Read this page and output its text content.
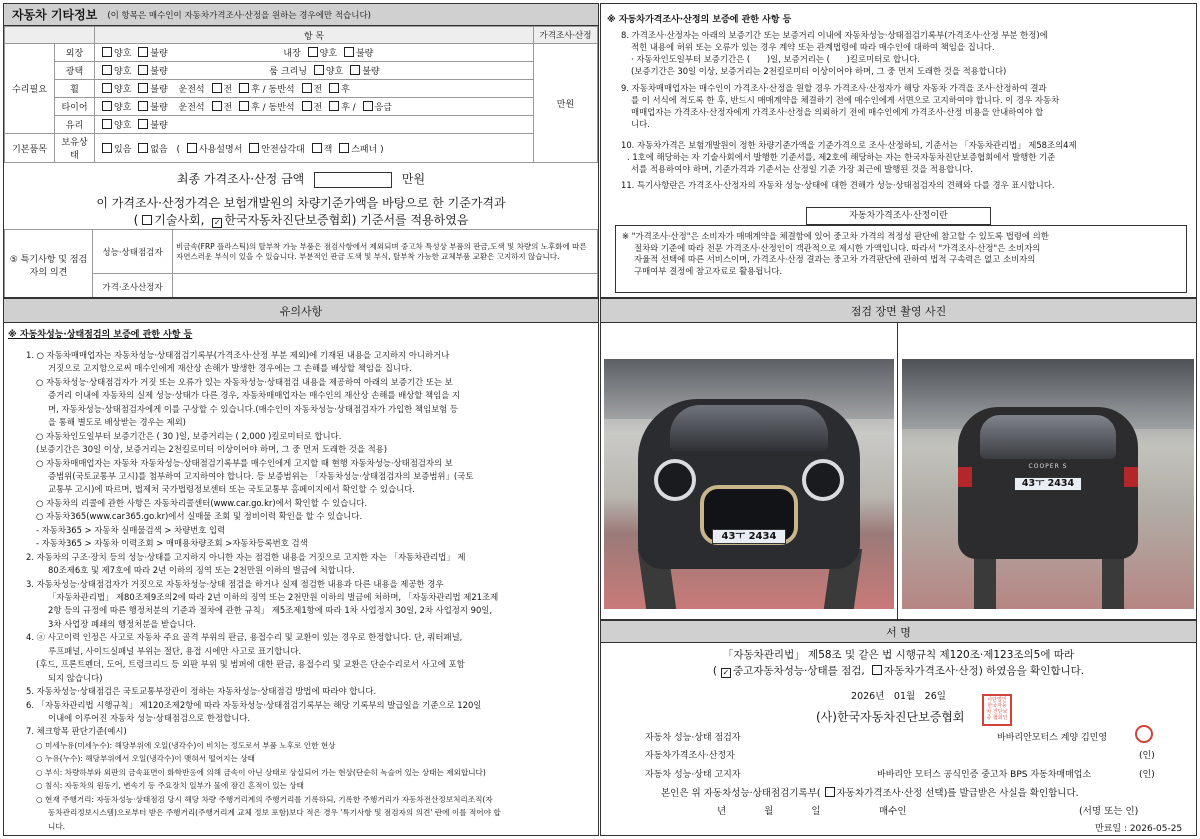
자동차 기타정보 (이 항목은 매수인이 자동차가격조사·산정을 원하는 경우에만 적습니다)
		항 목	가격조사·산정
수리필요	외장	양호 불량 내장 양호 불량	만원
	광택	양호 불량 룸 크리닝 양호 불량	
	휠	양호 불량 운전석 전 후 / 동반석 전 후	
	타이어	양호 불량 운전석 전 후 / 동반석 전 후 / 응급	
	유리	양호 불량	
기본품목	보유상태	있음 없음 ( 사용설명서 안전삼각대 잭 스패너 )	
최종 가격조사·산정 금액	만원
이 가격조사·산정가격은 보험개발원의 차량기준가액을 바탕으로 한 기준가격과
( 기술사회, ✓ 한국자동차진단보증협회) 기준서를 적용하였음
⑤ 특기사항 및 점검자의 의견	성능·상태점검자	비금속(FRP 플라스틱)의 탈부착 가능 부품은 점검사항에서 제외되며 중고차 특성상 부품의 판금,도색 및 차량의 노후화에 따른 자연스러운 부식이 있을 수 있습니다. 부분적인 판금 도색 및 부식, 탈부착 가능한 교체부품 교환은 고지하지 않습니다.
	가격·조사산정자	
※ 자동차가격조사·산정의 보증에 관한 사항 등
8. 가격조사·산정자는 아래의 보증기간 또는 보증거리 이내에 자동차성능·상태점검기록부(가격조사·산정 부분 한정)에
적힌 내용에 허위 또는 오류가 있는 경우 계약 또는 관계법령에 따라 매수인에 대하여 책임을 집니다.
· 자동차인도일부터 보증기간은 (　　)일, 보증거리는 (　　)킬로미터로 합니다.
(보증기간은 30일 이상, 보증거리는 2천킬로미터 이상이어야 하며, 그 중 먼저 도래한 것을 적용합니다)
9. 자동차매매업자는 매수인이 가격조사·산정을 원할 경우 가격조사·산정자가 해당 자동차 가격을 조사·산정하여 결과
를 이 서식에 적도록 한 후, 반드시 매매계약을 체결하기 전에 매수인에게 서면으로 고지하여야 합니다. 이 경우 자동차
매매업자는 가격조사·산정자에게 가격조사·산정을 의뢰하기 전에 매수인에게 가격조사·산정 비용을 안내하여야 합
니다.
10. 자동차가격은 보험개발원이 정한 차량기준가액을 기준가격으로 조사·산정하되, 기준서는 「자동차관리법」 제58조의4제
. 1호에 해당하는 자 기술사회에서 발행한 기준서를, 제2호에 해당하는 자는 한국자동차진단보증협회에서 발행한 기준
서를 적용하여야 하며, 기준가격과 기준서는 산정일 기준 가장 최근에 발행된 것을 적용합니다.
11. 특기사항란은 가격조사·산정자의 자동차 성능·상태에 대한 견해가 성능·상태점검자의 견해와 다를 경우 표시합니다.
자동차가격조사·산정이란
※ "가격조사·산정"은 소비자가 매매계약을 체결함에 있어 중고차 가격의 적정성 판단에 참고할 수 있도록 법령에 의한
절차와 기준에 따라 전문 가격조사·산정인이 객관적으로 제시한 가액입니다. 따라서 "가격조사·산정"은 소비자의
자율적 선택에 따른 서비스이며, 가격조사·산정 결과는 중고차 가격판단에 관하여 법적 구속력은 없고 소비자의
구매여부 결정에 참고자료로 활용됩니다.
유의사항
※ 자동차성능·상태점검의 보증에 관한 사항 등
1. ○ 자동차매매업자는 자동차성능·상태점검기록부(가격조사·산정 부분 제외)에 기재된 내용을 고지하지 아니하거나
거짓으로 고지함으로써 매수인에게 재산상 손해가 발생한 경우에는 그 손해를 배상할 책임을 집니다.
○ 자동차성능·상태점검자가 거짓 또는 오류가 있는 자동차성능·상태점검 내용을 제공하여 아래의 보증기간 또는 보
증거리 이내에 자동차의 실제 성능·상태가 다른 경우, 자동차매매업자는 매수인의 재산상 손해를 배상할 책임을 지
며, 자동차성능·상태점검자에게 이를 구상할 수 있습니다.(매수인이 자동차성능·상태점검자가 가입한 책임보험 등
을 통해 별도로 배상받는 경우는 제외)
○ 자동차인도일부터 보증기간은 ( 30 )일, 보증거리는 ( 2,000 )킬로미터로 합니다.
(보증기간은 30일 이상, 보증거리는 2천킬로미터 이상이어야 하며, 그 중 먼저 도래한 것을 적용)
○ 자동차매매업자는 자동차 자동차성능·상태점검기록부를 매수인에게 고지할 때 현행 자동차성능·상태점검자의 보
증범위(국토교통부 고시)를 첨부하여 고지하여야 합니다. 등 보증범위는 「자동차성능·상태점검자의 보증범위」(국토
교통부 고시)에 따르며, 법제처 국가법령정보센터 또는 국토교통부 홈페이지에서 확인할 수 있습니다.
○ 자동차의 리콜에 관한 사항은 자동차리콜센터(www.car.go.kr)에서 확인할 수 있습니다.
○ 자동차365(www.car365.go.kr)에서 실매물 조회 및 정비이력 확인을 할 수 있습니다.
- 자동차365 > 자동차 실매물검색 > 차량번호 입력
- 자동차365 > 자동차 이력조회 > 매매용차량조회 >자동차등록번호 검색
2. 자동차의 구조·장치 등의 성능·상태를 고지하지 아니한 자는 점검한 내용을 거짓으로 고지한 자는 「자동차관리법」 제
80조제6호 및 제7호에 따라 2년 이하의 징역 또는 2천만원 이하의 벌금에 처합니다.
3. 자동차성능·상태점검자가 거짓으로 자동차성능·상태 점검을 하거나 실제 점검한 내용과 다른 내용을 제공한 경우
「자동차관리법」 제80조제9조의2에 따라 2년 이하의 징역 또는 2천만원 이하의 벌금에 처하며, 「자동차관리법 제21조제
2항 등의 규정에 따른 행정처분의 기준과 절차에 관한 규칙」 제5조제1항에 따라 1차 사업정지 30일, 2차 사업정지 90일,
3차 사업장 폐쇄의 행정처분을 받습니다.
4. ⓐ 사고이력 인정은 사고로 자동차 주요 골격 부위의 판금, 용접수리 및 교환이 있는 경우로 한정합니다. 단, 쿼터패널,
루프패널, 사이드실패널 부위는 절단, 용접 시에만 사고로 표기합니다.
(후드, 프론트펜더, 도어, 트렁크리드 등 외판 부위 및 범퍼에 대한 판금, 용접수리 및 교환은 단순수리로서 사고에 포함
되지 않습니다)
5. 자동차성능·상태점검은 국토교통부장관이 정하는 자동차성능·상태점검 방법에 따라야 합니다.
6. 「자동차관리법 시행규칙」 제120조제2항에 따라 자동차성능·상태점검기록부는 해당 기록부의 발급일을 기준으로 120일
이내에 이루어진 자동차 성능·상태점검으로 한정합니다.
7. 체크항목 판단기준(예시)
○ 미세누유(미세누수): 해당부위에 오일(냉각수)이 비치는 정도로서 부품 노후로 인한 현상
○ 누유(누수): 해당부위에서 오일(냉각수)이 맺혀서 떨어지는 상태
○ 부식: 차량하부와 외판의 금속표면이 화학반응에 의해 금속이 아닌 상태로 상실되어 가는 현상(단순히 녹슬어 있는 상태는 제외합니다)
○ 침식: 자동차의 원동기, 변속기 등 주요장치 일부가 물에 잠긴 흔적이 있는 상태
○ 현재 주행거리: 자동차성능·상태점검 당시 해당 차량 주행거리계의 주행거리를 기록하되, 기록한 주행거리가 자동차전산정보처리조직(자
동차관리정보시스템)으로부터 받은 주행거리(주행거리계 교체 정보 포함)보다 적은 경우 '특기사항 및 점검자의 의견' 란에 이를 적어야 합
니다.
점검 장면 촬영 사진
43ㅜ 2434
COOPER S
43ㅜ 2434
서 명
「자동차관리법」 제58조 및 같은 법 시행규칙 제120조·제123조의5에 따라
( ✓ 중고자동차성능·상태를 점검, 자동차가격조사·산정) 하였음을 확인합니다.
2026년　01월　26일
(사)한국자동차진단보증협회
사단법인 한국자동차 진단보증 협회인
자동차 성능·상태 점검자	바바리안모터스 계양 김민영
자동차가격조사·산정자	(인)
자동차 성능·상태 고지자	바바리안 모터스 공식인증 중고차 BPS 자동차매매업소	(인)
본인은 위 자동차성능·상태점검기록부( 자동차가격조사·산정 선택)를 발급받은 사실을 확인합니다.
년　　　　월　　　　일	매수인	(서명 또는 인)
만료일 : 2026-05-25
